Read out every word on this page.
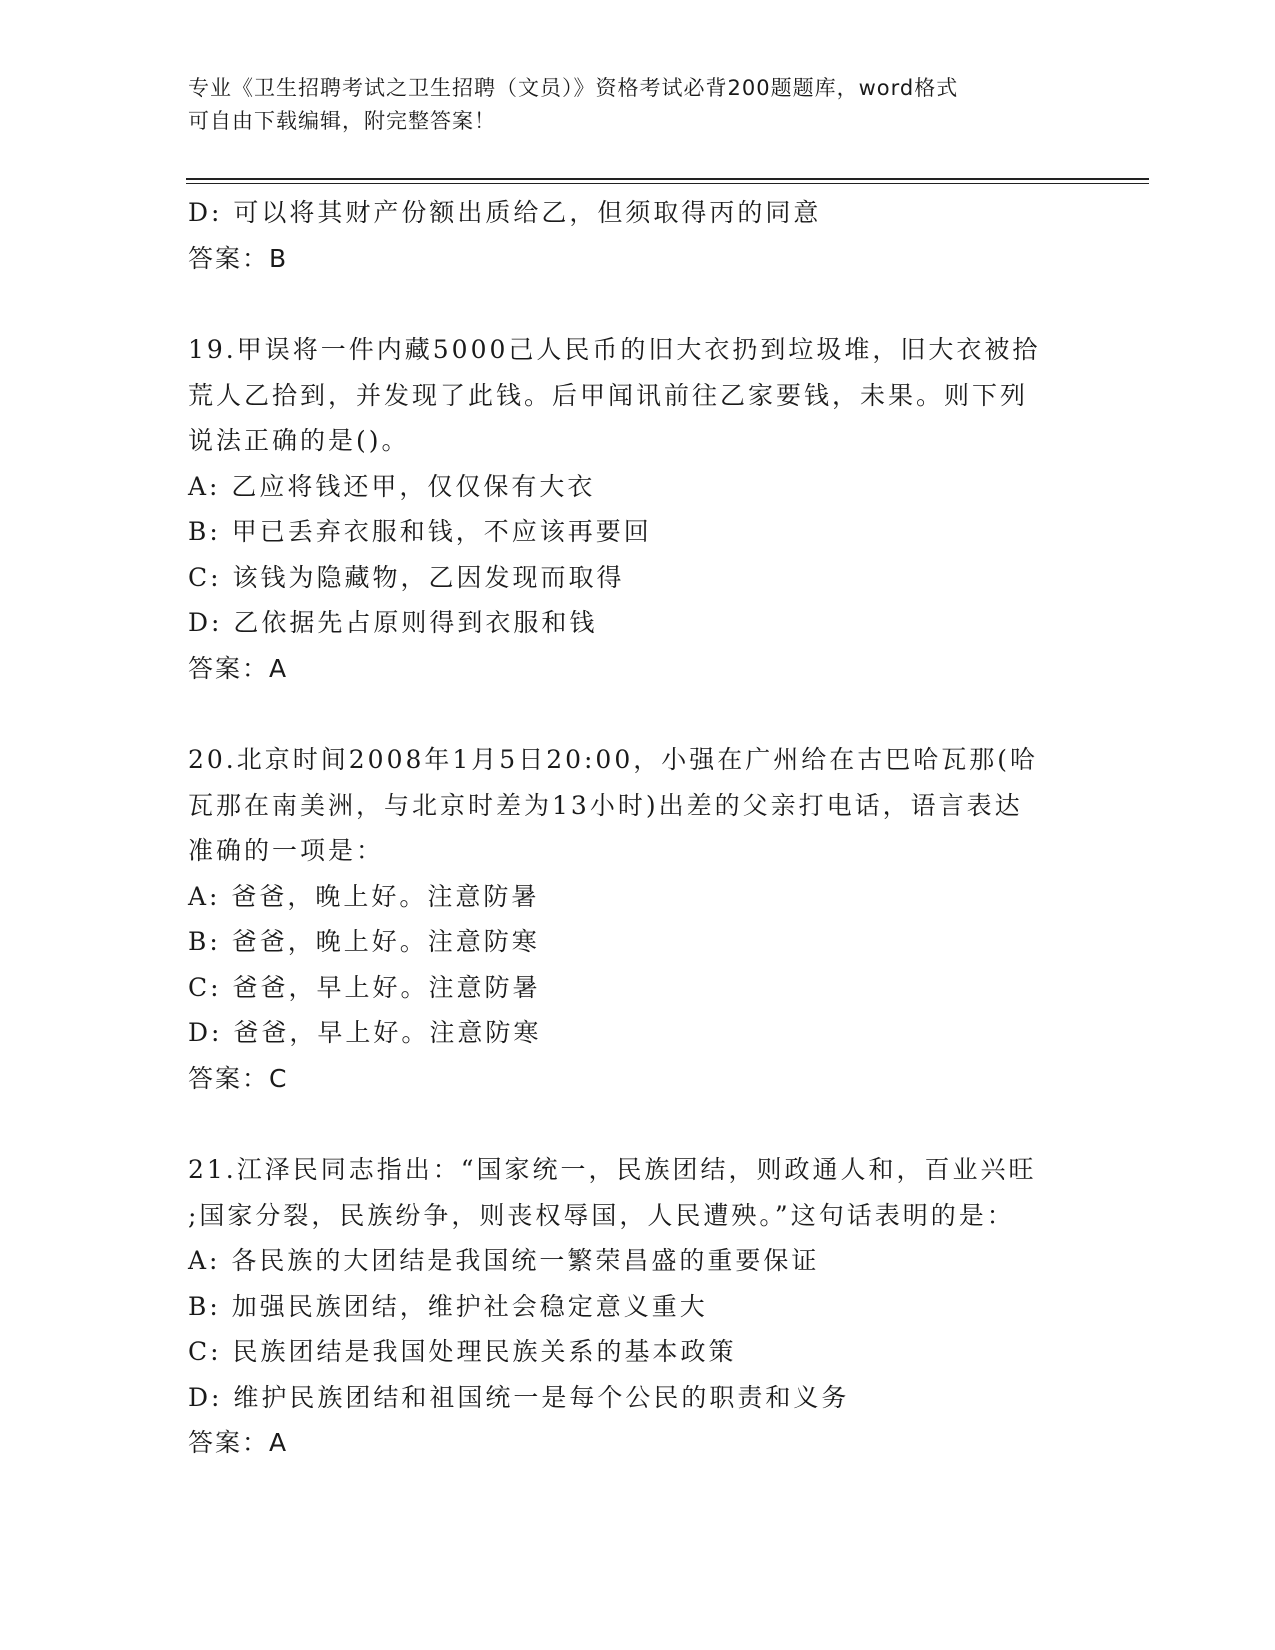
专业《卫生招聘考试之卫生招聘（文员）》资格考试必背200题题库，word格式
可自由下载编辑，附完整答案！
D: 可以将其财产份额出质给乙，但须取得丙的同意
答案：B
19.甲误将一件内藏5000己人民币的旧大衣扔到垃圾堆，旧大衣被拾
荒人乙拾到，并发现了此钱。后甲闻讯前往乙家要钱，未果。则下列
说法正确的是()。
A: 乙应将钱还甲，仅仅保有大衣
B: 甲已丢弃衣服和钱，不应该再要回
C: 该钱为隐藏物，乙因发现而取得
D: 乙依据先占原则得到衣服和钱
答案：A
20.北京时间2008年1月5日20:00，小强在广州给在古巴哈瓦那(哈
瓦那在南美洲，与北京时差为13小时)出差的父亲打电话，语言表达
准确的一项是：
A: 爸爸，晚上好。注意防暑
B: 爸爸，晚上好。注意防寒
C: 爸爸，早上好。注意防暑
D: 爸爸，早上好。注意防寒
答案：C
21.江泽民同志指出：“国家统一，民族团结，则政通人和，百业兴旺
;国家分裂，民族纷争，则丧权辱国，人民遭殃。”这句话表明的是：
A: 各民族的大团结是我国统一繁荣昌盛的重要保证
B: 加强民族团结，维护社会稳定意义重大
C: 民族团结是我国处理民族关系的基本政策
D: 维护民族团结和祖国统一是每个公民的职责和义务
答案：A
